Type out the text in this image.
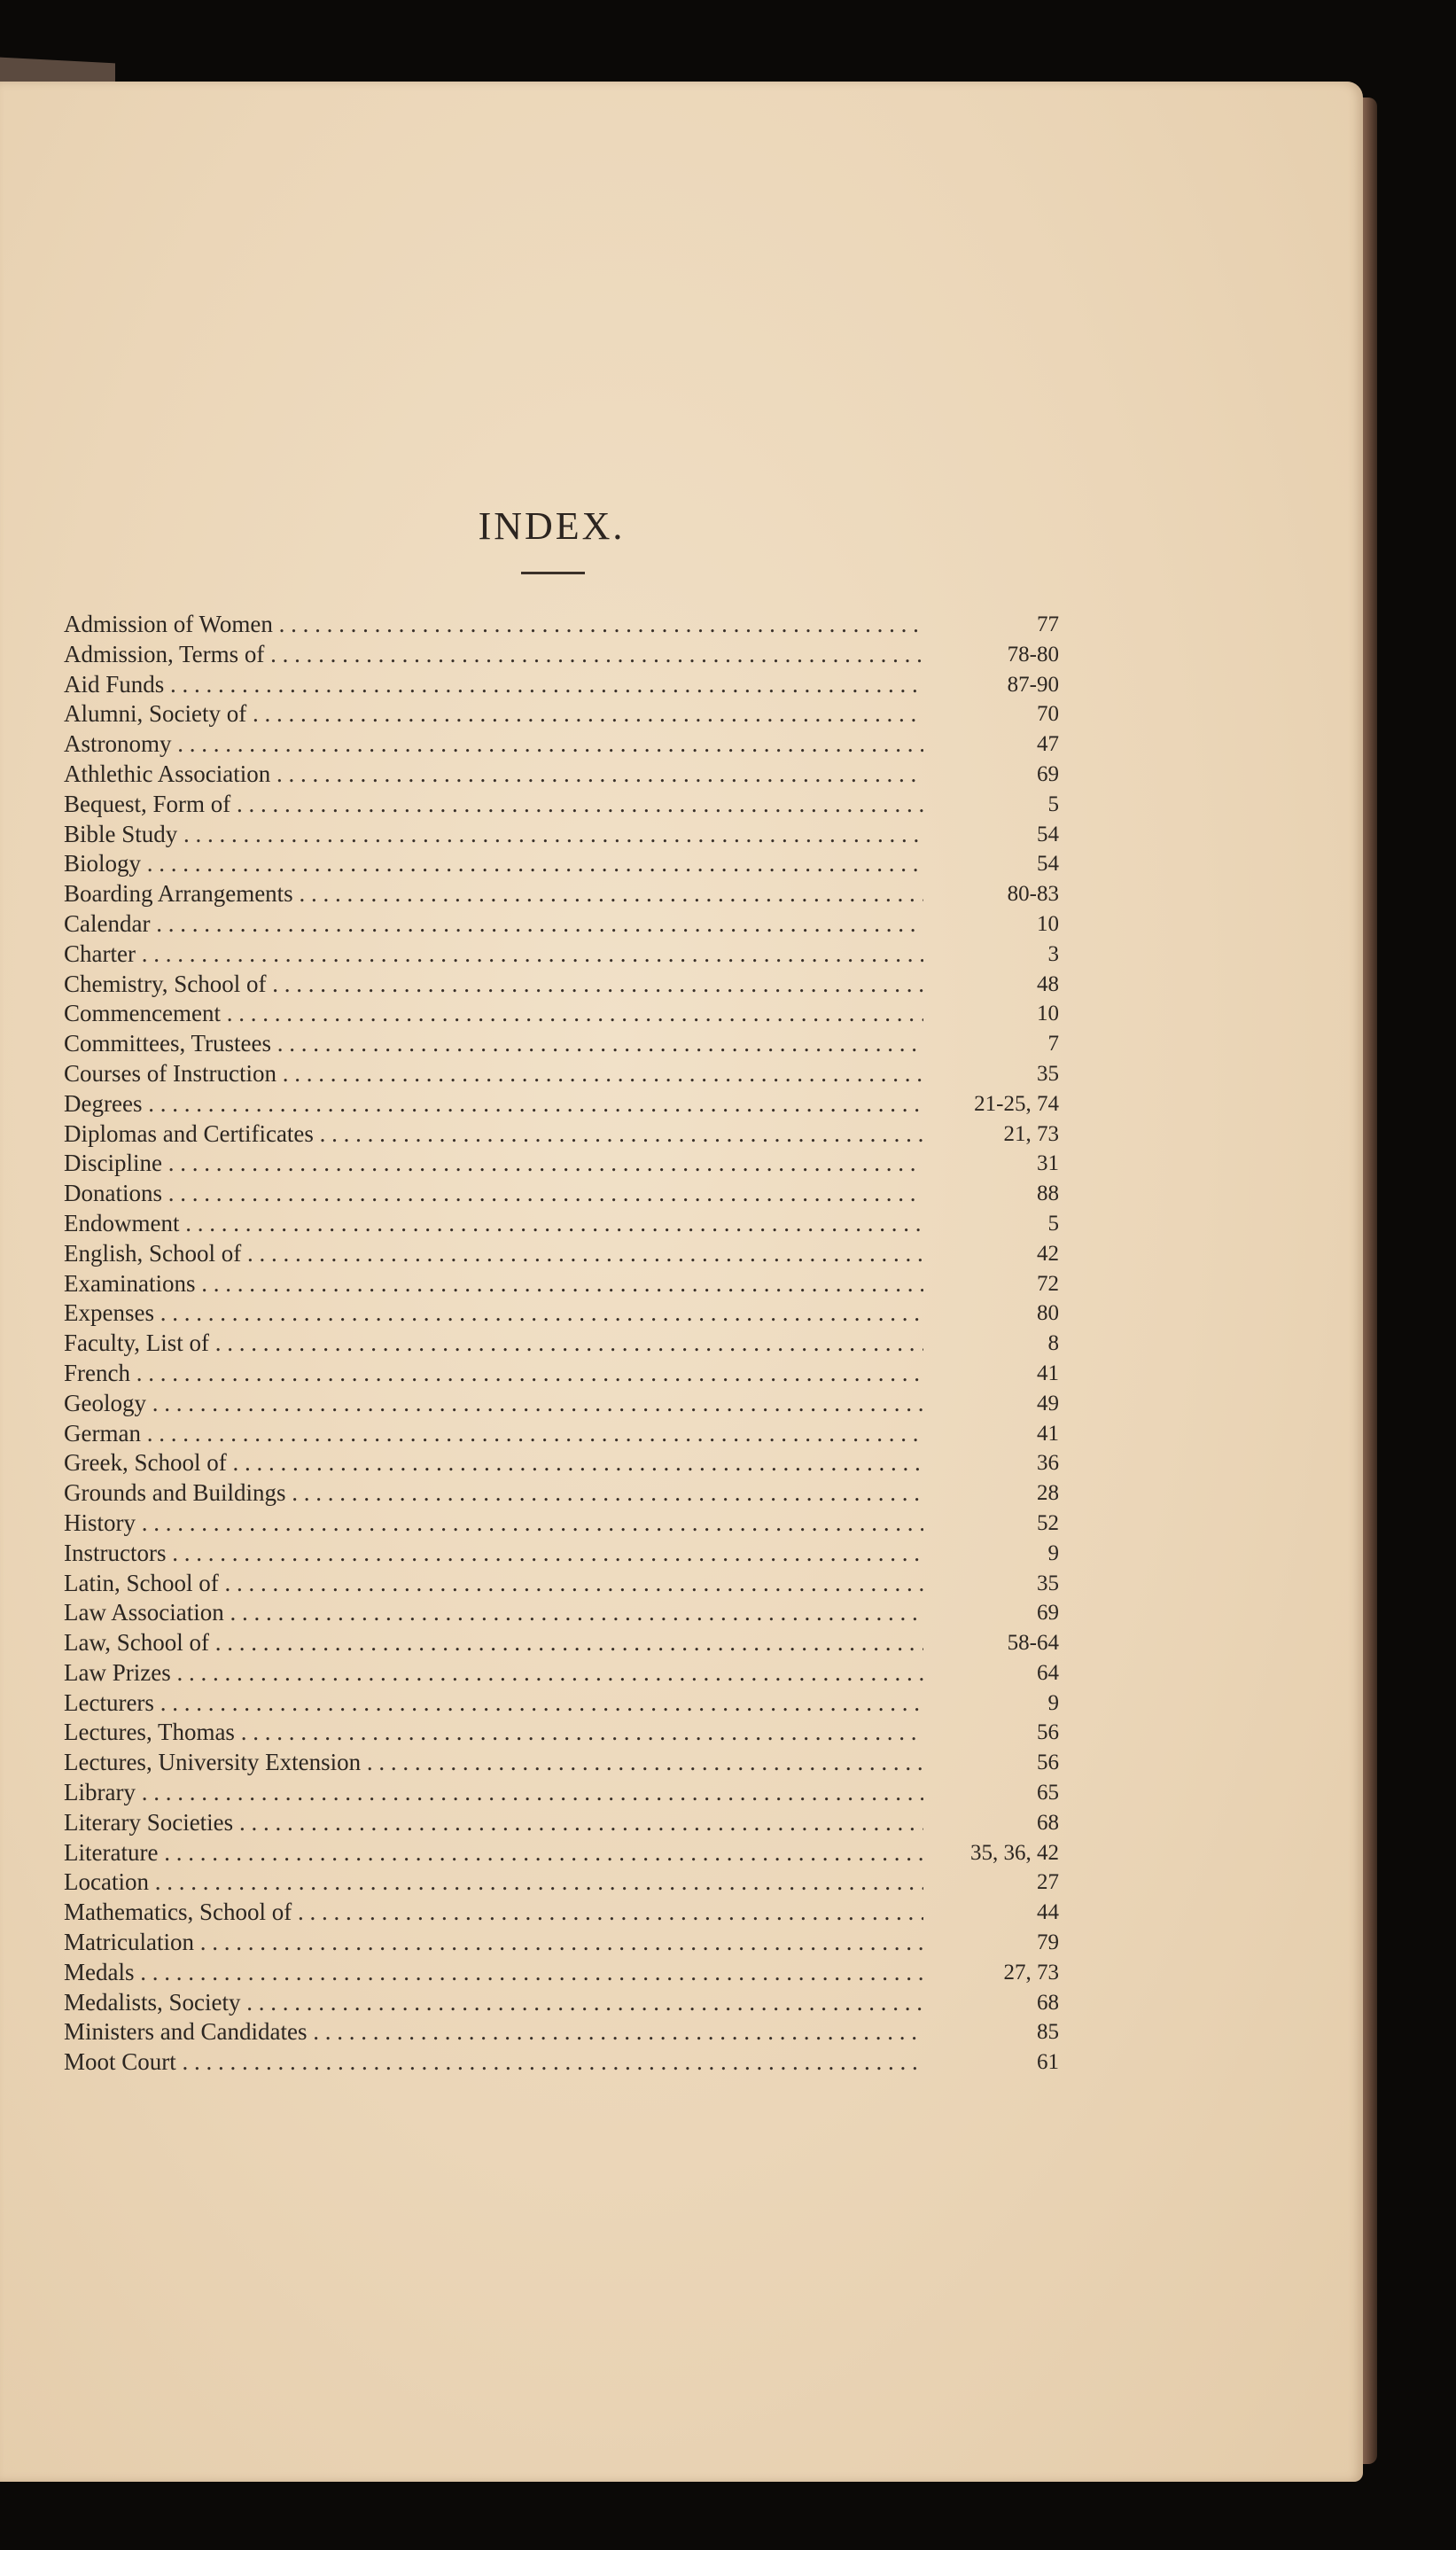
INDEX.
Admission of Women . . .	77
Admission, Terms of . . .	78-80
Aid Funds . . .	87-90
Alumni, Society of . . .	70
Astronomy . . .	47
Athlethic Association . . .	69
Bequest, Form of . . .	5
Bible Study . . .	54
Biology . . .	54
Boarding Arrangements . . .	80-83
Calendar . . .	10
Charter . . .	3
Chemistry, School of . . .	48
Commencement . . .	10
Committees, Trustees . . .	7
Courses of Instruction . . .	35
Degrees . . .	21-25, 74
Diplomas and Certificates . . .	21, 73
Discipline . . .	31
Donations . . .	88
Endowment . . .	5
English, School of . . .	42
Examinations . . .	72
Expenses . . .	80
Faculty, List of . . .	8
French . . .	41
Geology . . .	49
German . . .	41
Greek, School of . . .	36
Grounds and Buildings . . .	28
History . . .	52
Instructors . . .	9
Latin, School of . . .	35
Law Association . . .	69
Law, School of . . .	58-64
Law Prizes . . .	64
Lecturers . . .	9
Lectures, Thomas . . .	56
Lectures, University Extension . . .	56
Library . . .	65
Literary Societies . . .	68
Literature . . .	35, 36, 42
Location . . .	27
Mathematics, School of . . .	44
Matriculation . . .	79
Medals . . .	27, 73
Medalists, Society . . .	68
Ministers and Candidates . . .	85
Moot Court . . .	61
